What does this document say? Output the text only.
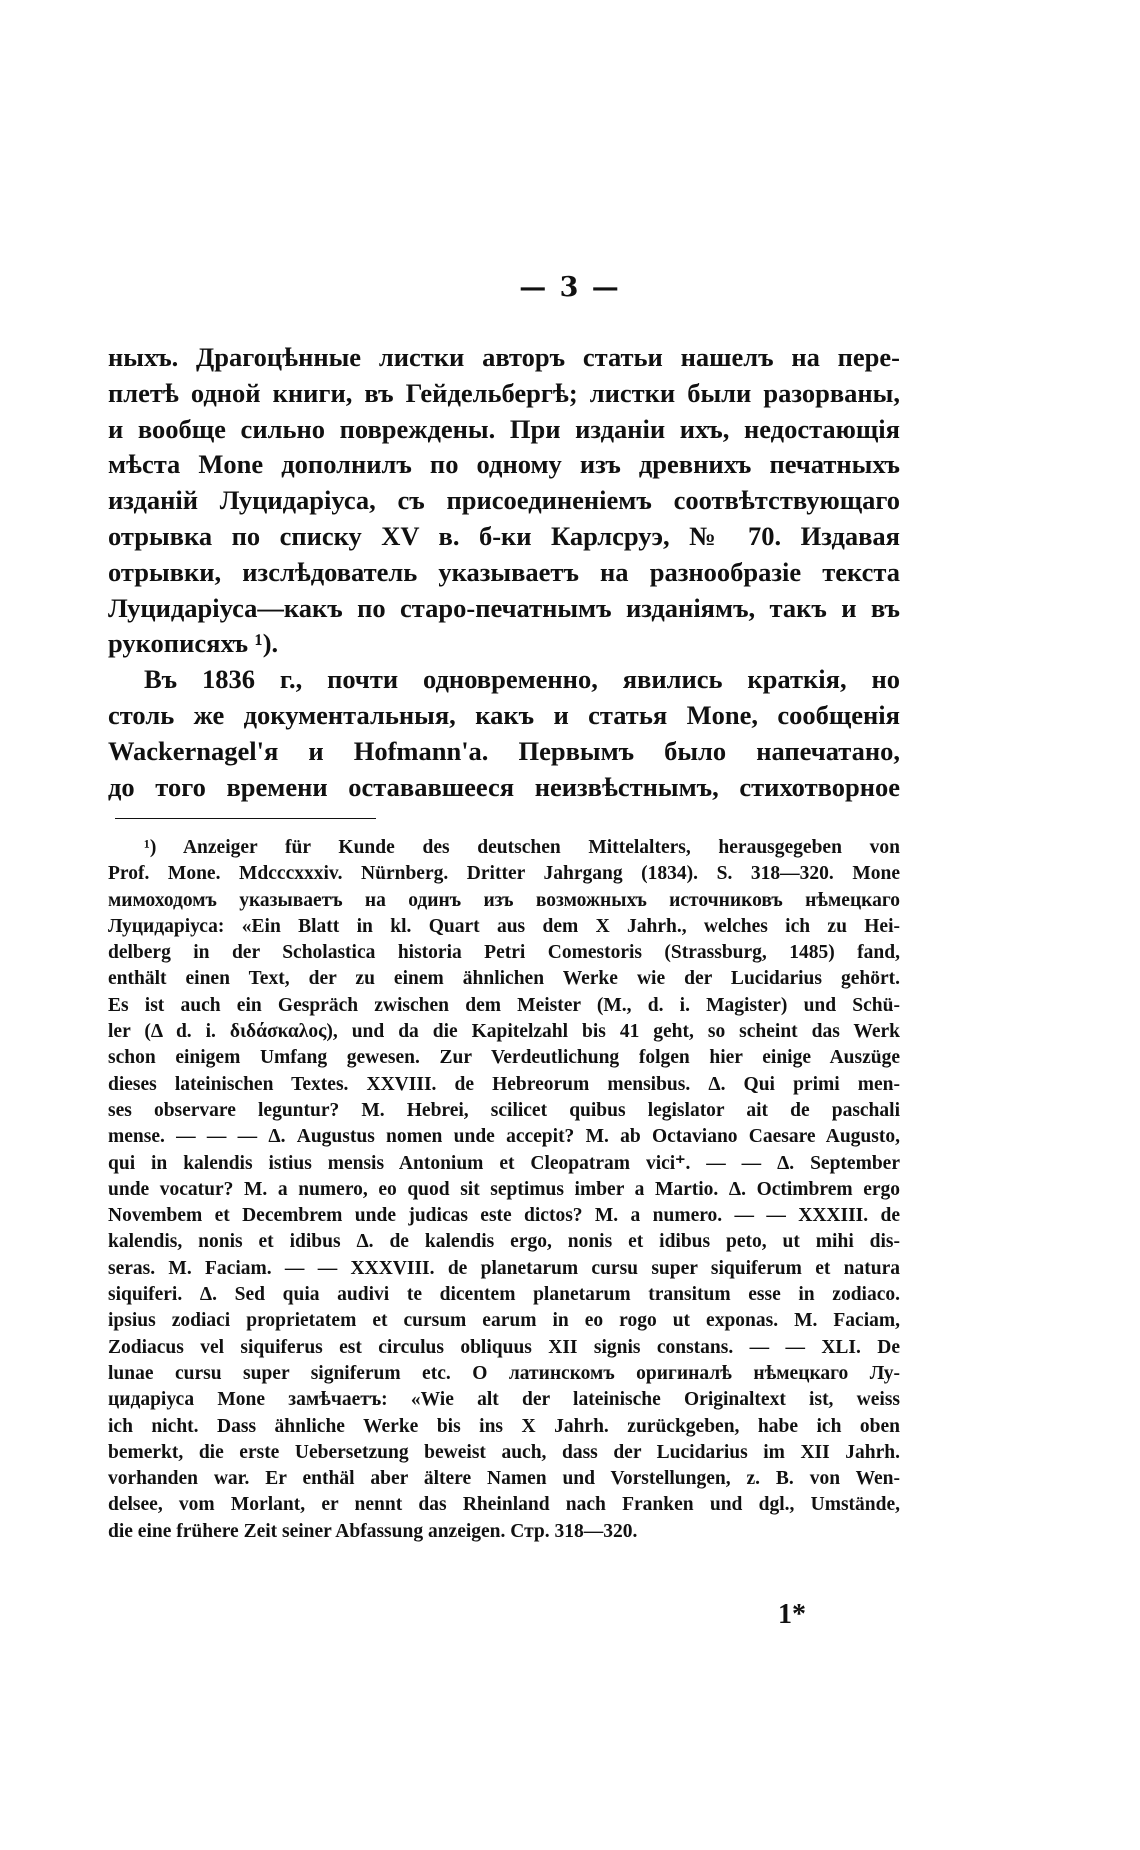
— 3 —
ныхъ. Драгоцѣнные листки авторъ статьи нашелъ на пере-
плетѣ одной книги, въ Гейдельбергѣ; листки были разорваны,
и вообще сильно повреждены. При изданіи ихъ, недостающія
мѣста Mone дополнилъ по одному изъ древнихъ печатныхъ
изданій Луцидаріуса, съ присоединеніемъ соотвѣтствующаго
отрывка по списку XV в. б-ки Карлсруэ, № 70. Издавая
отрывки, изслѣдователь указываетъ на разнообразіе текста
Луцидаріуса—какъ по старо-печатнымъ изданіямъ, такъ и въ
рукописяхъ ¹).
Въ 1836 г., почти одновременно, явились краткія, но
столь же документальныя, какъ и статья Mone, сообщенія
Wackernagel'я и Hofmann'а. Первымъ было напечатано,
до того времени остававшееся неизвѣстнымъ, стихотворное
¹) Anzeiger für Kunde des deutschen Mittelalters, herausgegeben von
Prof. Mone. Mdcccxxxiv. Nürnberg. Dritter Jahrgang (1834). S. 318—320. Mone
мимоходомъ указываетъ на одинъ изъ возможныхъ источниковъ нѣмецкаго
Луцидаріуса: «Ein Blatt in kl. Quart aus dem X Jahrh., welches ich zu Hei-
delberg in der Scholastica historia Petri Comestoris (Strassburg, 1485) fand,
enthält einen Text, der zu einem ähnlichen Werke wie der Lucidarius gehört.
Es ist auch ein Gespräch zwischen dem Meister (M., d. i. Magister) und Schü-
ler (Δ d. i. διδάσκαλος), und da die Kapitelzahl bis 41 geht, so scheint das Werk
schon einigem Umfang gewesen. Zur Verdeutlichung folgen hier einige Auszüge
dieses lateinischen Textes. XXVIII. de Hebreorum mensibus. Δ. Qui primi men-
ses observare leguntur? M. Hebrei, scilicet quibus legislator ait de paschali
mense. — — — Δ. Augustus nomen unde accepit? M. ab Octaviano Caesare Augusto,
qui in kalendis istius mensis Antonium et Cleopatram vici⁺. — — Δ. September
unde vocatur? M. a numero, eo quod sit septimus imber a Martio. Δ. Octimbrem ergo
Novembem et Decembrem unde judicas este dictos? M. a numero. — — XXXIII. de
kalendis, nonis et idibus Δ. de kalendis ergo, nonis et idibus peto, ut mihi dis-
seras. M. Faciam. — — XXXVIII. de planetarum cursu super siquiferum et natura
siquiferi. Δ. Sed quia audivi te dicentem planetarum transitum esse in zodiaco.
ipsius zodiaci proprietatem et cursum earum in eo rogo ut exponas. M. Faciam,
Zodiacus vel siquiferus est circulus obliquus XII signis constans. — — XLI. De
lunae cursu super signiferum etc. О латинскомъ оригиналѣ нѣмецкаго Лу-
цидаріуса Mone замѣчаетъ: «Wie alt der lateinische Originaltext ist, weiss
ich nicht. Dass ähnliche Werke bis ins X Jahrh. zurückgeben, habe ich oben
bemerkt, die erste Uebersetzung beweist auch, dass der Lucidarius im XII Jahrh.
vorhanden war. Er enthäl aber ältere Namen und Vorstellungen, z. B. von Wen-
delsee, vom Morlant, er nennt das Rheinland nach Franken und dgl., Umstände,
die eine frühere Zeit seiner Abfassung anzeigen. Стр. 318—320.
1*
